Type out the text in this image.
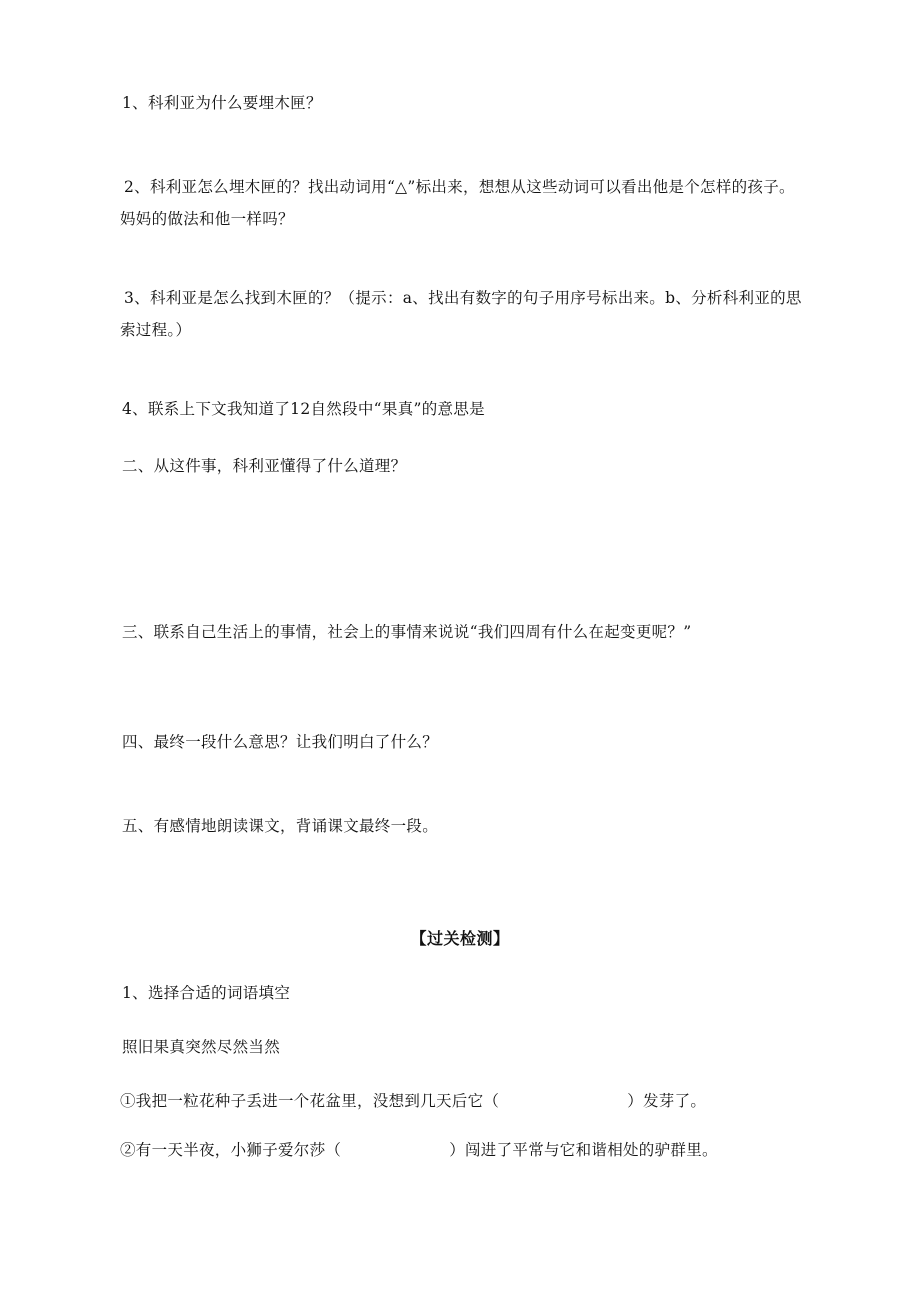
1、科利亚为什么要埋木匣？
2、科利亚怎么埋木匣的？找出动词用“△”标出来，想想从这些动词可以看出他是个怎样的孩子。妈妈的做法和他一样吗？
3、科利亚是怎么找到木匣的？（提示：a、找出有数字的句子用序号标出来。b、分析科利亚的思索过程。）
4、联系上下文我知道了12自然段中“果真”的意思是
二、从这件事，科利亚懂得了什么道理？
三、联系自己生活上的事情，社会上的事情来说说“我们四周有什么在起变更呢？”
四、最终一段什么意思？让我们明白了什么？
五、有感情地朗读课文，背诵课文最终一段。
【过关检测】
1、选择合适的词语填空
照旧果真突然尽然当然
①我把一粒花种子丢进一个花盆里，没想到几天后它（	）发芽了。
②有一天半夜，小狮子爱尔莎（	）闯进了平常与它和谐相处的驴群里。
